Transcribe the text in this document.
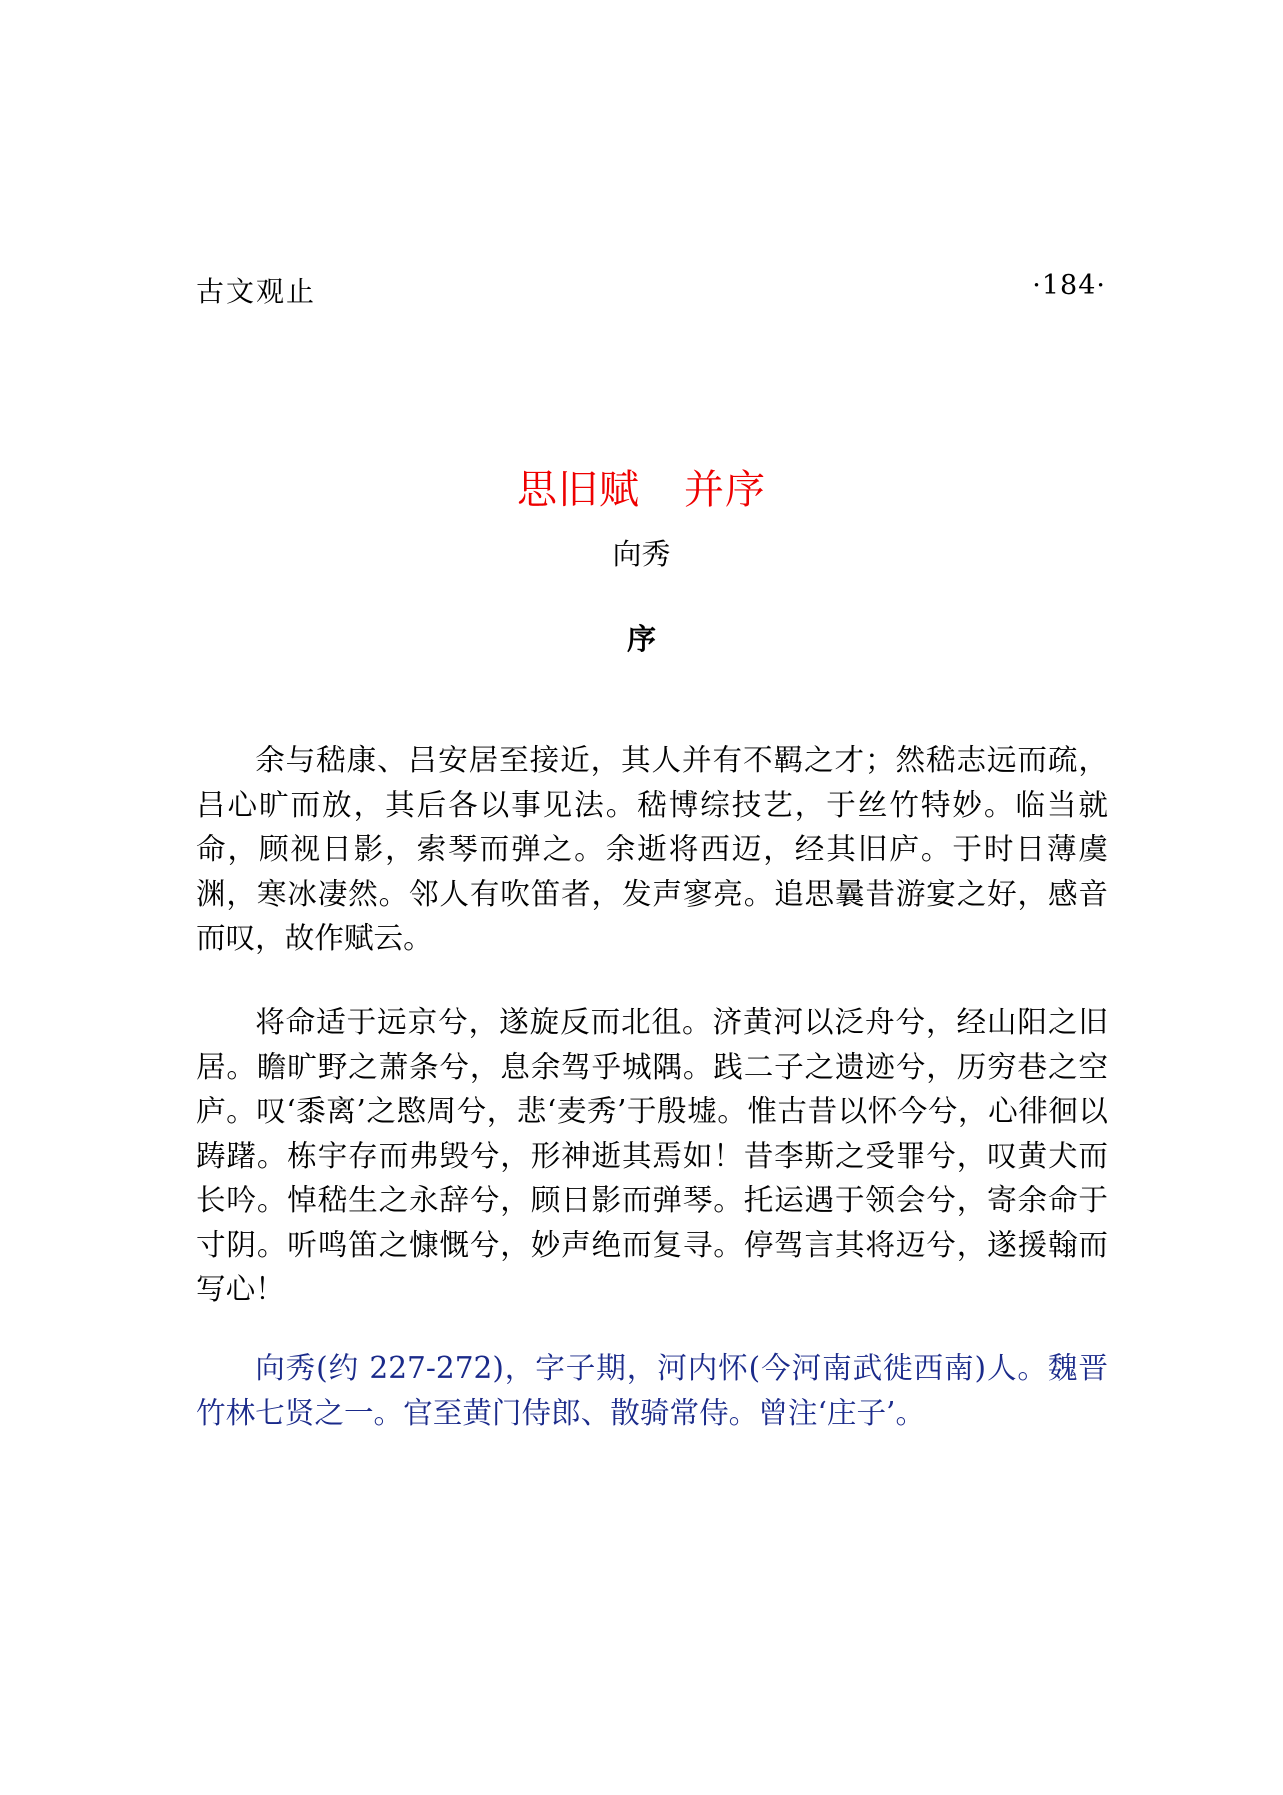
古文观止	·184·
思旧赋 并序
向秀
序

余与嵇康、吕安居至接近，其人并有不羁之才；然嵇志远而疏，吕心旷而放，其后各以事见法。嵇博综技艺，于丝竹特妙。临当就命，顾视日影，索琴而弹之。余逝将西迈，经其旧庐。于时日薄虞渊，寒冰凄然。邻人有吹笛者，发声寥亮。追思曩昔游宴之好，感音而叹，故作赋云。

将命适于远京兮，遂旋反而北徂。济黄河以泛舟兮，经山阳之旧居。瞻旷野之萧条兮，息余驾乎城隅。践二子之遗迹兮，历穷巷之空庐。叹‘黍离’之愍周兮，悲‘麦秀’于殷墟。惟古昔以怀今兮，心徘徊以踌躇。栋宇存而弗毁兮，形神逝其焉如！昔李斯之受罪兮，叹黄犬而长吟。悼嵇生之永辞兮，顾日影而弹琴。托运遇于领会兮，寄余命于寸阴。听鸣笛之慷慨兮，妙声绝而复寻。停驾言其将迈兮，遂援翰而写心！

向秀(约 227-272)，字子期，河内怀(今河南武徙西南)人。魏晋竹林七贤之一。官至黄门侍郎、散骑常侍。曾注‘庄子’。
